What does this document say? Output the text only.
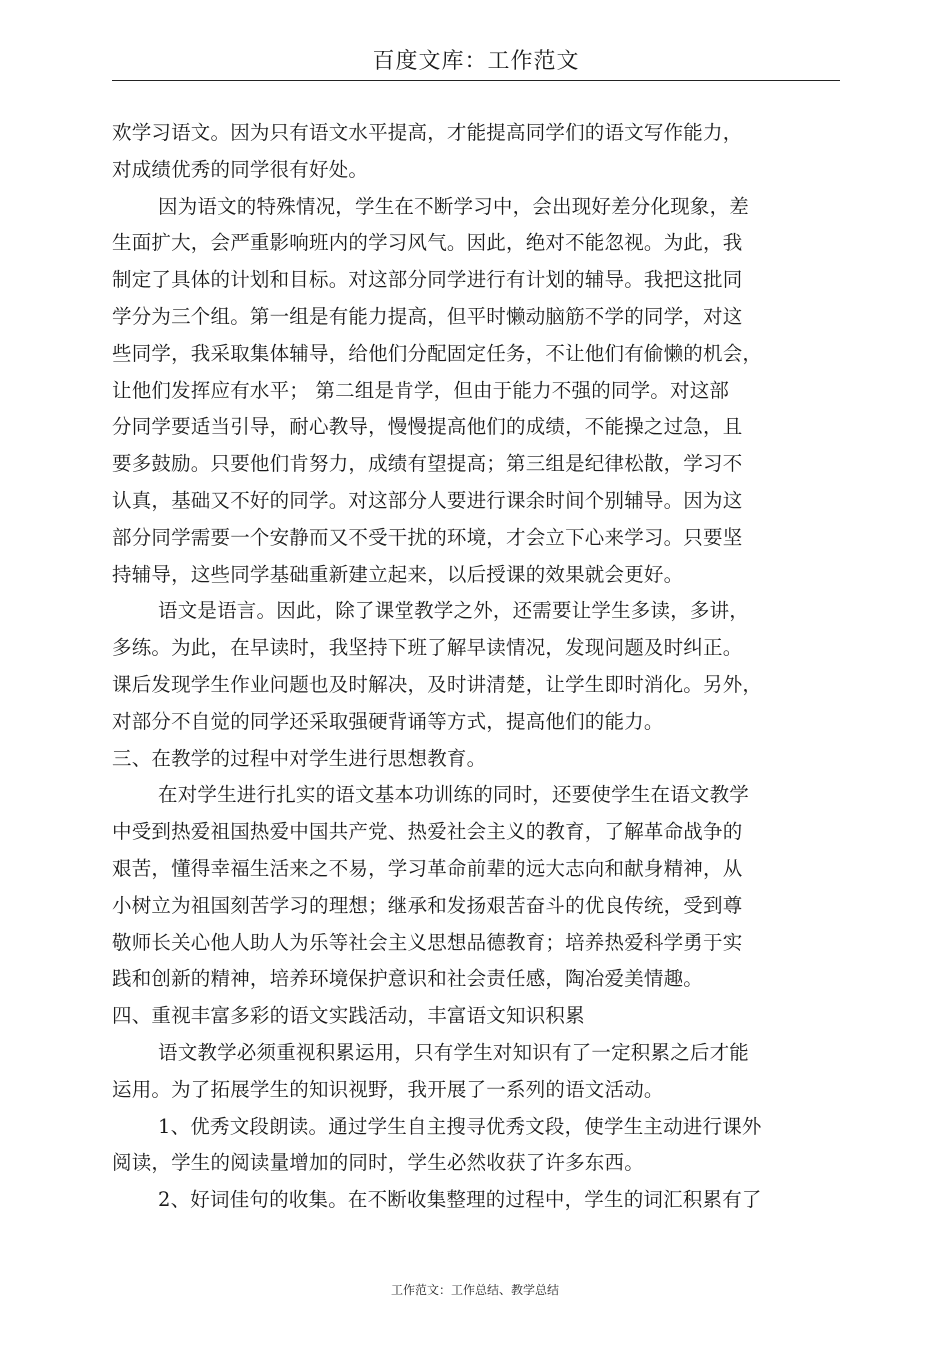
百度文库：工作范文
欢学习语文。因为只有语文水平提高，才能提高同学们的语文写作能力，
对成绩优秀的同学很有好处。
因为语文的特殊情况，学生在不断学习中，会出现好差分化现象，差
生面扩大，会严重影响班内的学习风气。因此，绝对不能忽视。为此，我
制定了具体的计划和目标。对这部分同学进行有计划的辅导。我把这批同
学分为三个组。第一组是有能力提高，但平时懒动脑筋不学的同学，对这
些同学，我采取集体辅导，给他们分配固定任务，不让他们有偷懒的机会，
让他们发挥应有水平； 第二组是肯学，但由于能力不强的同学。对这部
分同学要适当引导，耐心教导，慢慢提高他们的成绩，不能操之过急，且
要多鼓励。只要他们肯努力，成绩有望提高；第三组是纪律松散，学习不
认真，基础又不好的同学。对这部分人要进行课余时间个别辅导。因为这
部分同学需要一个安静而又不受干扰的环境，才会立下心来学习。只要坚
持辅导，这些同学基础重新建立起来，以后授课的效果就会更好。
语文是语言。因此，除了课堂教学之外，还需要让学生多读，多讲，
多练。为此，在早读时，我坚持下班了解早读情况，发现问题及时纠正。
课后发现学生作业问题也及时解决，及时讲清楚，让学生即时消化。另外，
对部分不自觉的同学还采取强硬背诵等方式，提高他们的能力。
三、在教学的过程中对学生进行思想教育。
在对学生进行扎实的语文基本功训练的同时，还要使学生在语文教学
中受到热爱祖国热爱中国共产党、热爱社会主义的教育，了解革命战争的
艰苦，懂得幸福生活来之不易，学习革命前辈的远大志向和献身精神，从
小树立为祖国刻苦学习的理想；继承和发扬艰苦奋斗的优良传统，受到尊
敬师长关心他人助人为乐等社会主义思想品德教育；培养热爱科学勇于实
践和创新的精神，培养环境保护意识和社会责任感，陶冶爱美情趣。
四、重视丰富多彩的语文实践活动，丰富语文知识积累
语文教学必须重视积累运用，只有学生对知识有了一定积累之后才能
运用。为了拓展学生的知识视野，我开展了一系列的语文活动。
1、优秀文段朗读。通过学生自主搜寻优秀文段，使学生主动进行课外
阅读，学生的阅读量增加的同时，学生必然收获了许多东西。
2、好词佳句的收集。在不断收集整理的过程中，学生的词汇积累有了
工作范文：工作总结、教学总结
